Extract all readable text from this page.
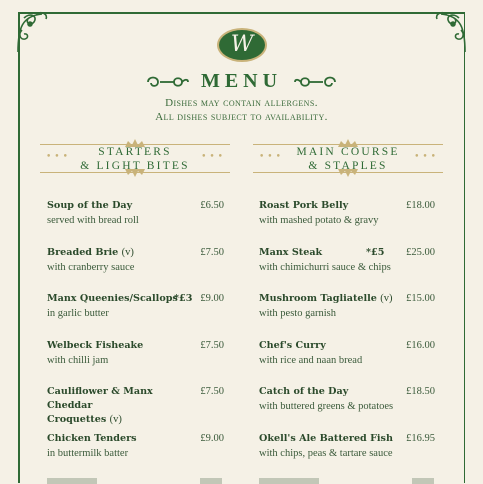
W
MENU
Dishes may contain allergens.
All dishes subject to availability.
•••	•••
STARTERS
& LIGHT BITES
•••	•••
MAIN COURSE
& STAPLES
Soup of the Day	£6.50
served with bread roll
Breaded Brie (v)	£7.50
with cranberry sauce
Manx Queenies/Scallops
*£3 £9.00
in garlic butter
Welbeck Fisheake	£7.50
with chilli jam
Cauliflower & Manx Cheddar
Croquettes (v)
£7.50
Chicken Tenders	£9.00
in buttermilk batter
Roast Pork Belly	£18.00
with mashed potato & gravy
Manx Steak	*£5 £25.00
with chimichurri sauce & chips
Mushroom Tagliatelle (v)	£15.00
with pesto garnish
Chef's Curry	£16.00
with rice and naan bread
Catch of the Day	£18.50
with buttered greens & potatoes
Okell's Ale Battered Fish	£16.95
with chips, peas & tartare sauce
